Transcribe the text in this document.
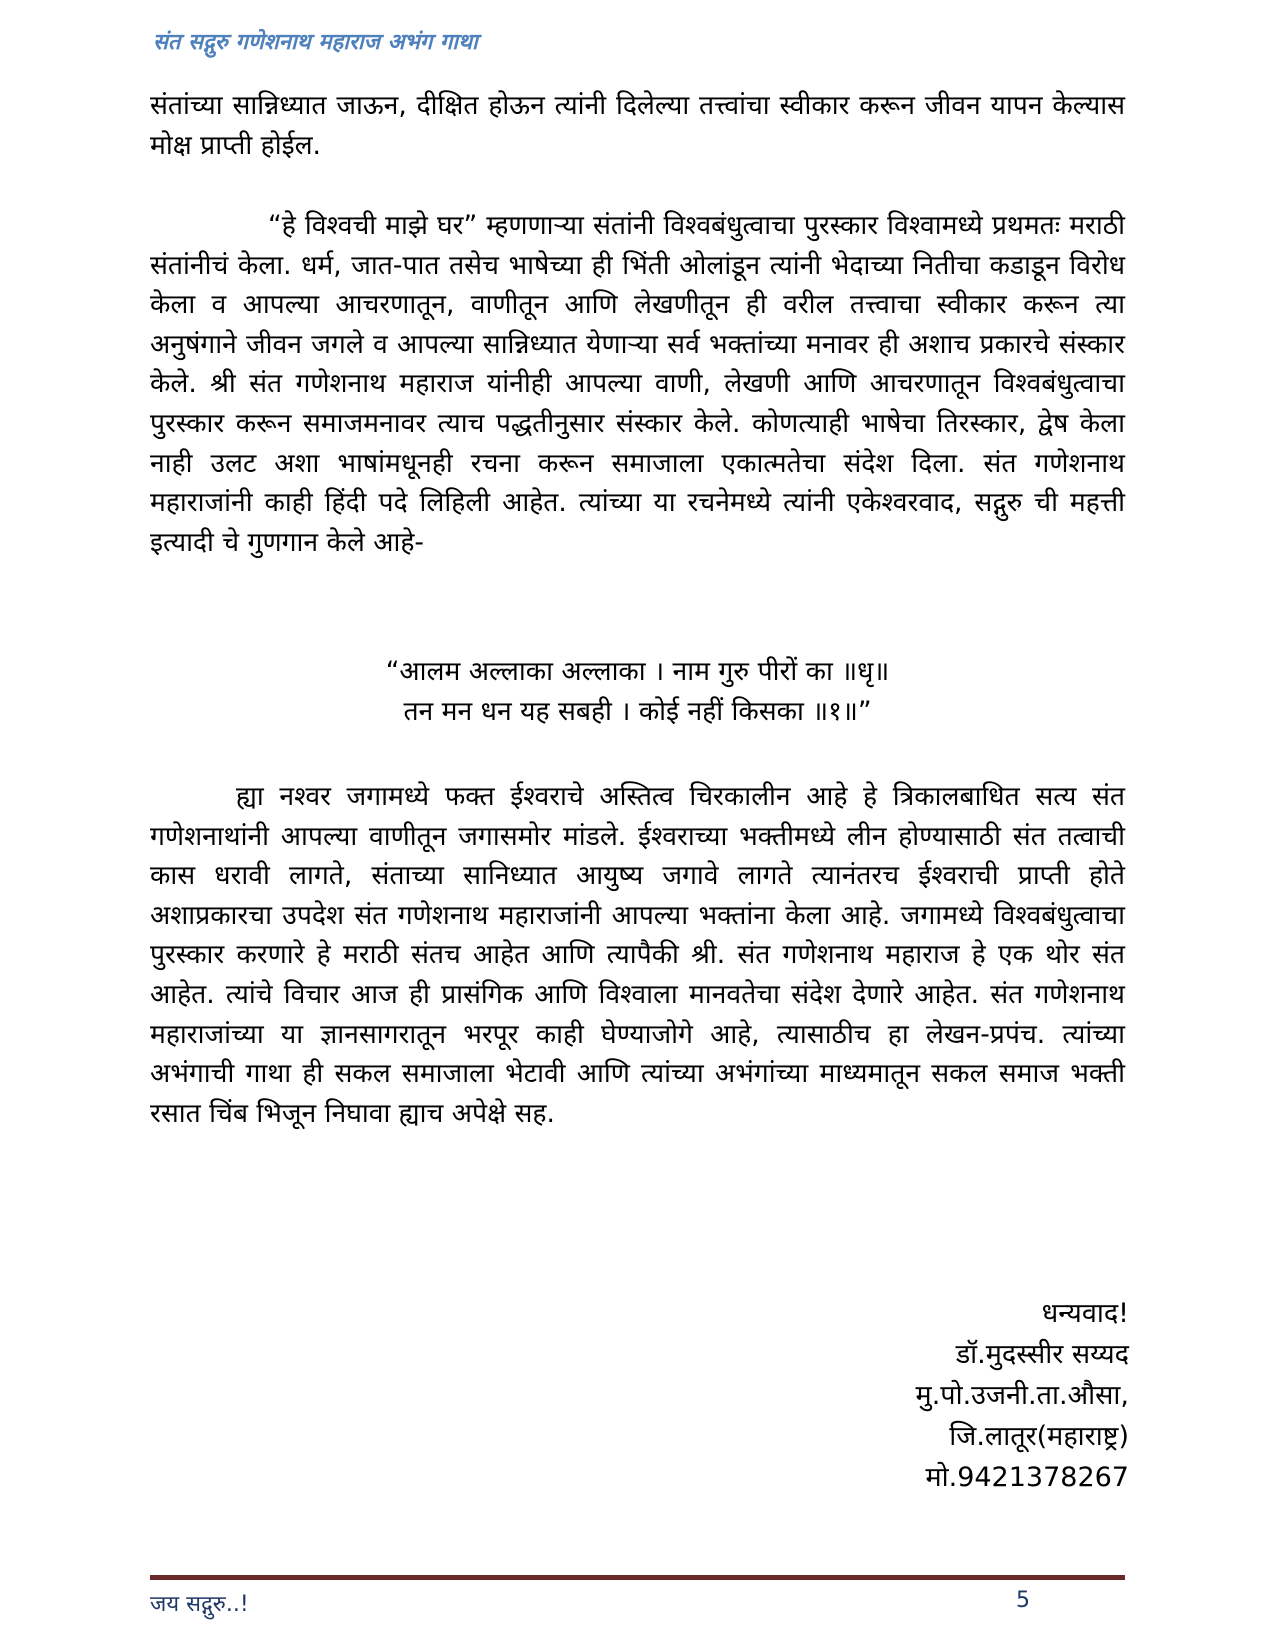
संत सद्गुरु गणेशनाथ महाराज अभंग गाथा

संतांच्या सान्निध्यात जाऊन, दीक्षित होऊन त्यांनी दिलेल्या तत्त्वांचा स्वीकार करून जीवन यापन केल्यास मोक्ष प्राप्ती होईल.

“हे विश्वची माझे घर” म्हणणाऱ्या संतांनी विश्वबंधुत्वाचा पुरस्कार विश्वामध्ये प्रथमतः मराठी संतांनीचं केला. धर्म, जात-पात तसेच भाषेच्या ही भिंती ओलांडून त्यांनी भेदाच्या नितीचा कडाडून विरोध केला व आपल्या आचरणातून, वाणीतून आणि लेखणीतून ही वरील तत्त्वाचा स्वीकार करून त्या अनुषंगाने जीवन जगले व आपल्या सान्निध्यात येणाऱ्या सर्व भक्तांच्या मनावर ही अशाच प्रकारचे संस्कार केले. श्री संत गणेशनाथ महाराज यांनीही आपल्या वाणी, लेखणी आणि आचरणातून विश्वबंधुत्वाचा पुरस्कार करून समाजमनावर त्याच पद्धतीनुसार संस्कार केले. कोणत्याही भाषेचा तिरस्कार, द्वेष केला नाही उलट अशा भाषांमधूनही रचना करून समाजाला एकात्मतेचा संदेश दिला. संत गणेशनाथ महाराजांनी काही हिंदी पदे लिहिली आहेत. त्यांच्या या रचनेमध्ये त्यांनी एकेश्वरवाद, सद्गुरु ची महत्ती इत्यादी चे गुणगान केले आहे-

“आलम अल्लाका अल्लाका । नाम गुरु पीरों का ॥धृ॥
तन मन धन यह सबही । कोई नहीं किसका ॥१॥”

ह्या नश्वर जगामध्ये फक्त ईश्वराचे अस्तित्व चिरकालीन आहे हे त्रिकालबाधित सत्य संत गणेशनाथांनी आपल्या वाणीतून जगासमोर मांडले. ईश्वराच्या भक्तीमध्ये लीन होण्यासाठी संत तत्वाची कास धरावी लागते, संताच्या सानिध्यात आयुष्य जगावे लागते त्यानंतरच ईश्वराची प्राप्ती होते अशाप्रकारचा उपदेश संत गणेशनाथ महाराजांनी आपल्या भक्तांना केला आहे. जगामध्ये विश्वबंधुत्वाचा पुरस्कार करणारे हे मराठी संतच आहेत आणि त्यापैकी श्री. संत गणेशनाथ महाराज हे एक थोर संत आहेत. त्यांचे विचार आज ही प्रासंगिक आणि विश्वाला मानवतेचा संदेश देणारे आहेत. संत गणेशनाथ महाराजांच्या या ज्ञानसागरातून भरपूर काही घेण्याजोगे आहे, त्यासाठीच हा लेखन-प्रपंच. त्यांच्या अभंगाची गाथा ही सकल समाजाला भेटावी आणि त्यांच्या अभंगांच्या माध्यमातून सकल समाज भक्ती रसात चिंब भिजून निघावा ह्याच अपेक्षे सह.

धन्यवाद!
डॉ.मुदस्सीर सय्यद
मु.पो.उजनी.ता.औसा,
जि.लातूर(महाराष्ट्र)
मो.9421378267
जय सद्गुरु..!	5
